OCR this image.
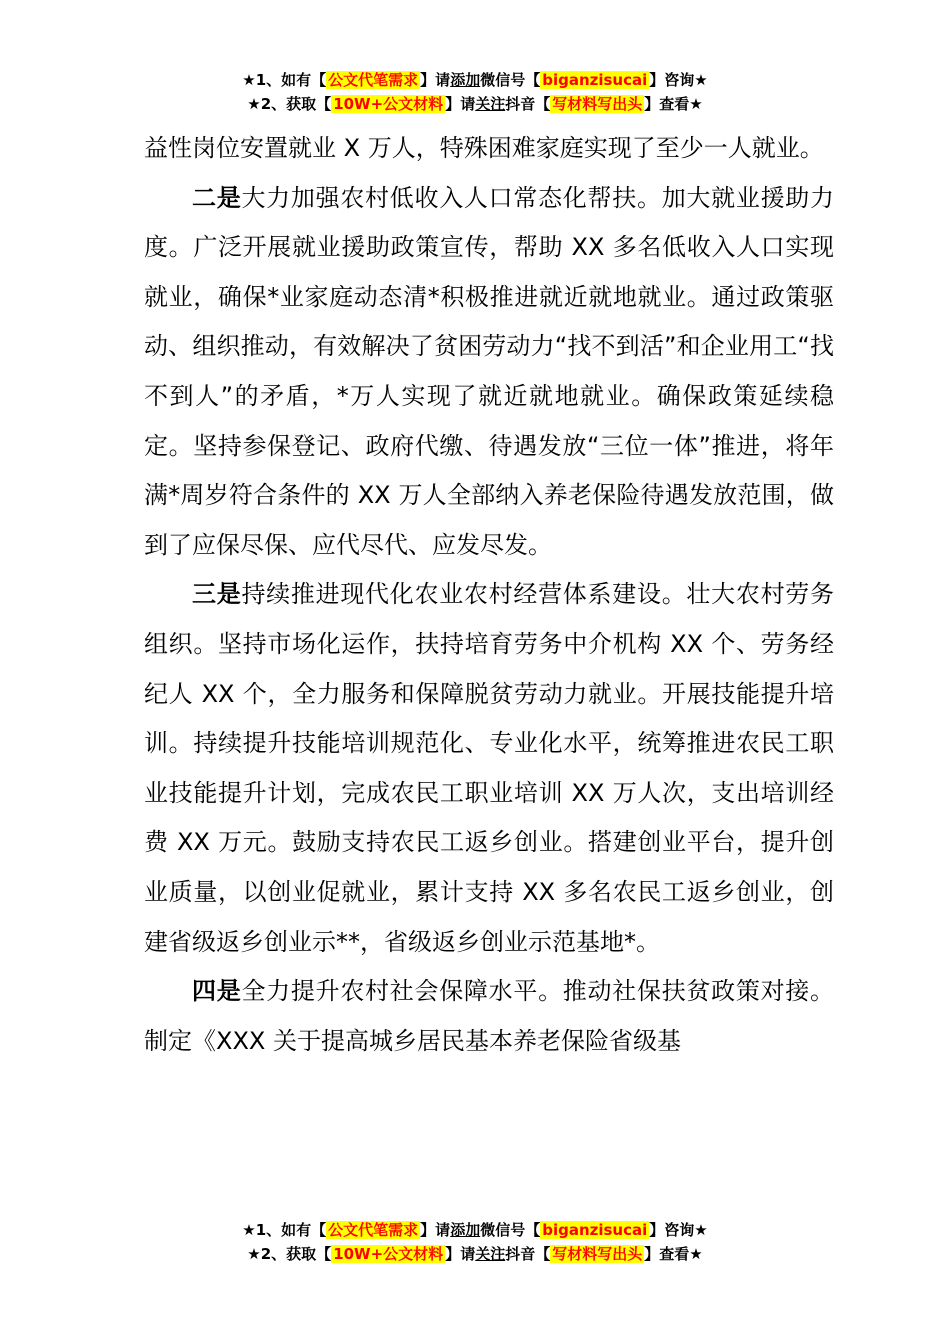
★1、如有【 公文代笔需求 】请添加微信号【 biganzisucai 】咨询★
★2、获取【 10W+公文材料 】请关注抖音【 写材料写出头 】查看★

益性岗位安置就业 X 万人，特殊困难家庭实现了至少一人就业。

二是大力加强农村低收入人口常态化帮扶。加大就业援助力度。广泛开展就业援助政策宣传，帮助 XX 多名低收入人口实现就业，确保*业家庭动态清*积极推进就近就地就业。通过政策驱动、组织推动，有效解决了贫困劳动力“找不到活”和企业用工“找不到人”的矛盾，*万人实现了就近就地就业。确保政策延续稳定。坚持参保登记、政府代缴、待遇发放“三位一体”推进，将年满*周岁符合条件的 XX 万人全部纳入养老保险待遇发放范围，做到了应保尽保、应代尽代、应发尽发。

三是持续推进现代化农业农村经营体系建设。壮大农村劳务组织。坚持市场化运作，扶持培育劳务中介机构 XX 个、劳务经纪人 XX 个，全力服务和保障脱贫劳动力就业。开展技能提升培训。持续提升技能培训规范化、专业化水平，统筹推进农民工职业技能提升计划，完成农民工职业培训 XX 万人次，支出培训经费 XX 万元。鼓励支持农民工返乡创业。搭建创业平台，提升创业质量，以创业促就业，累计支持 XX 多名农民工返乡创业，创建省级返乡创业示**，省级返乡创业示范基地*。

四是全力提升农村社会保障水平。推动社保扶贫政策对接。制定《XXX 关于提高城乡居民基本养老保险省级基

★1、如有【 公文代笔需求 】请添加微信号【 biganzisucai 】咨询★
★2、获取【 10W+公文材料 】请关注抖音【 写材料写出头 】查看★
